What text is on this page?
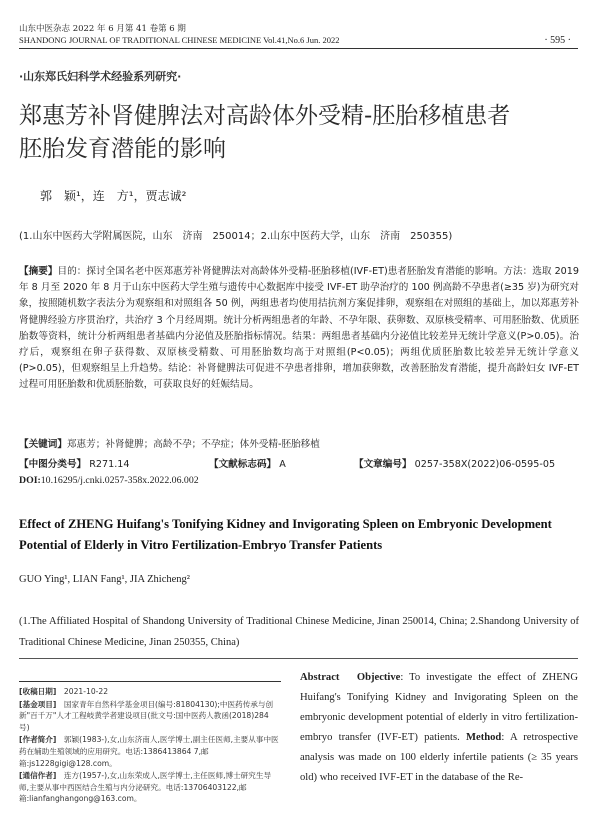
山东中医杂志 2022 年 6 月第 41 卷第 6 期
SHANDONG JOURNAL OF TRADITIONAL CHINESE MEDICINE Vol.41,No.6 Jun. 2022	· 595 ·
·山东郑氏妇科学术经验系列研究·
郑惠芳补肾健脾法对高龄体外受精-胚胎移植患者
胚胎发育潜能的影响
郭　颖¹，连　方¹，贾志诚²
(1.山东中医药大学附属医院，山东　济南　250014；2.山东中医药大学，山东　济南　250355)
【摘要】目的：探讨全国名老中医郑惠芳补肾健脾法对高龄体外受精-胚胎移植(IVF-ET)患者胚胎发育潜能的影响。方法：选取 2019 年 8 月至 2020 年 8 月于山东中医药大学生殖与遗传中心数据库中接受 IVF-ET 助孕治疗的 100 例高龄不孕患者(≥35 岁)为研究对象，按照随机数字表法分为观察组和对照组各 50 例，两组患者均使用拮抗剂方案促排卵，观察组在对照组的基础上，加以郑惠芳补肾健脾经验方序贯治疗，共治疗 3 个月经周期。统计分析两组患者的年龄、不孕年限、获卵数、双原核受精率、可用胚胎数、优质胚胎数等资料，统计分析两组患者基础内分泌值及胚胎指标情况。结果：两组患者基础内分泌值比较差异无统计学意义(P>0.05)。治疗后，观察组在卵子获得数、双原核受精数、可用胚胎数均高于对照组(P<0.05)；两组优质胚胎数比较差异无统计学意义(P>0.05)，但观察组呈上升趋势。结论：补肾健脾法可促进不孕患者排卵，增加获卵数，改善胚胎发育潜能，提升高龄妇女 IVF-ET 过程可用胚胎数和优质胚胎数，可获取良好的妊娠结局。
【关键词】郑惠芳；补肾健脾；高龄不孕；不孕症；体外受精-胚胎移植
【中图分类号】 R271.14	【文献标志码】 A	【文章编号】 0257-358X(2022)06-0595-05
DOI:10.16295/j.cnki.0257-358x.2022.06.002
Effect of ZHENG Huifang's Tonifying Kidney and Invigorating Spleen on Embryonic Development Potential of Elderly in Vitro Fertilization-Embryo Transfer Patients
GUO Ying¹, LIAN Fang¹, JIA Zhicheng²
(1.The Affiliated Hospital of Shandong University of Traditional Chinese Medicine, Jinan 250014, China; 2.Shandong University of Traditional Chinese Medicine, Jinan 250355, China)

[收稿日期]　 2021-10-22

[基金项目]　 国家青年自然科学基金项目(编号:81804130);中医药传承与创新"百千万"人才工程岐黄学者建设项目(批文号:国中医药人教函(2018)284 号)

[作者简介]　 郭颖(1983-),女,山东济南人,医学博士,副主任医师,主要从事中医药在辅助生殖领域的应用研究。电话:1386413864 7,邮箱:js1228gigi@128.com。

[通信作者]　 连方(1957-),女,山东荣成人,医学博士,主任医师,博士研究生导师,主要从事中西医结合生殖与内分泌研究。电话:13706403122,邮箱:lianfanghangong@163.com。

Abstract　Objective: To investigate the effect of ZHENG Huifang's Tonifying Kidney and Invigorating Spleen on the embryonic development potential of elderly in vitro fertilization-embryo transfer (IVF-ET) patients. Method: A retrospective analysis was made on 100 elderly infertile patients (≥ 35 years old) who received IVF-ET in the database of the Re-
